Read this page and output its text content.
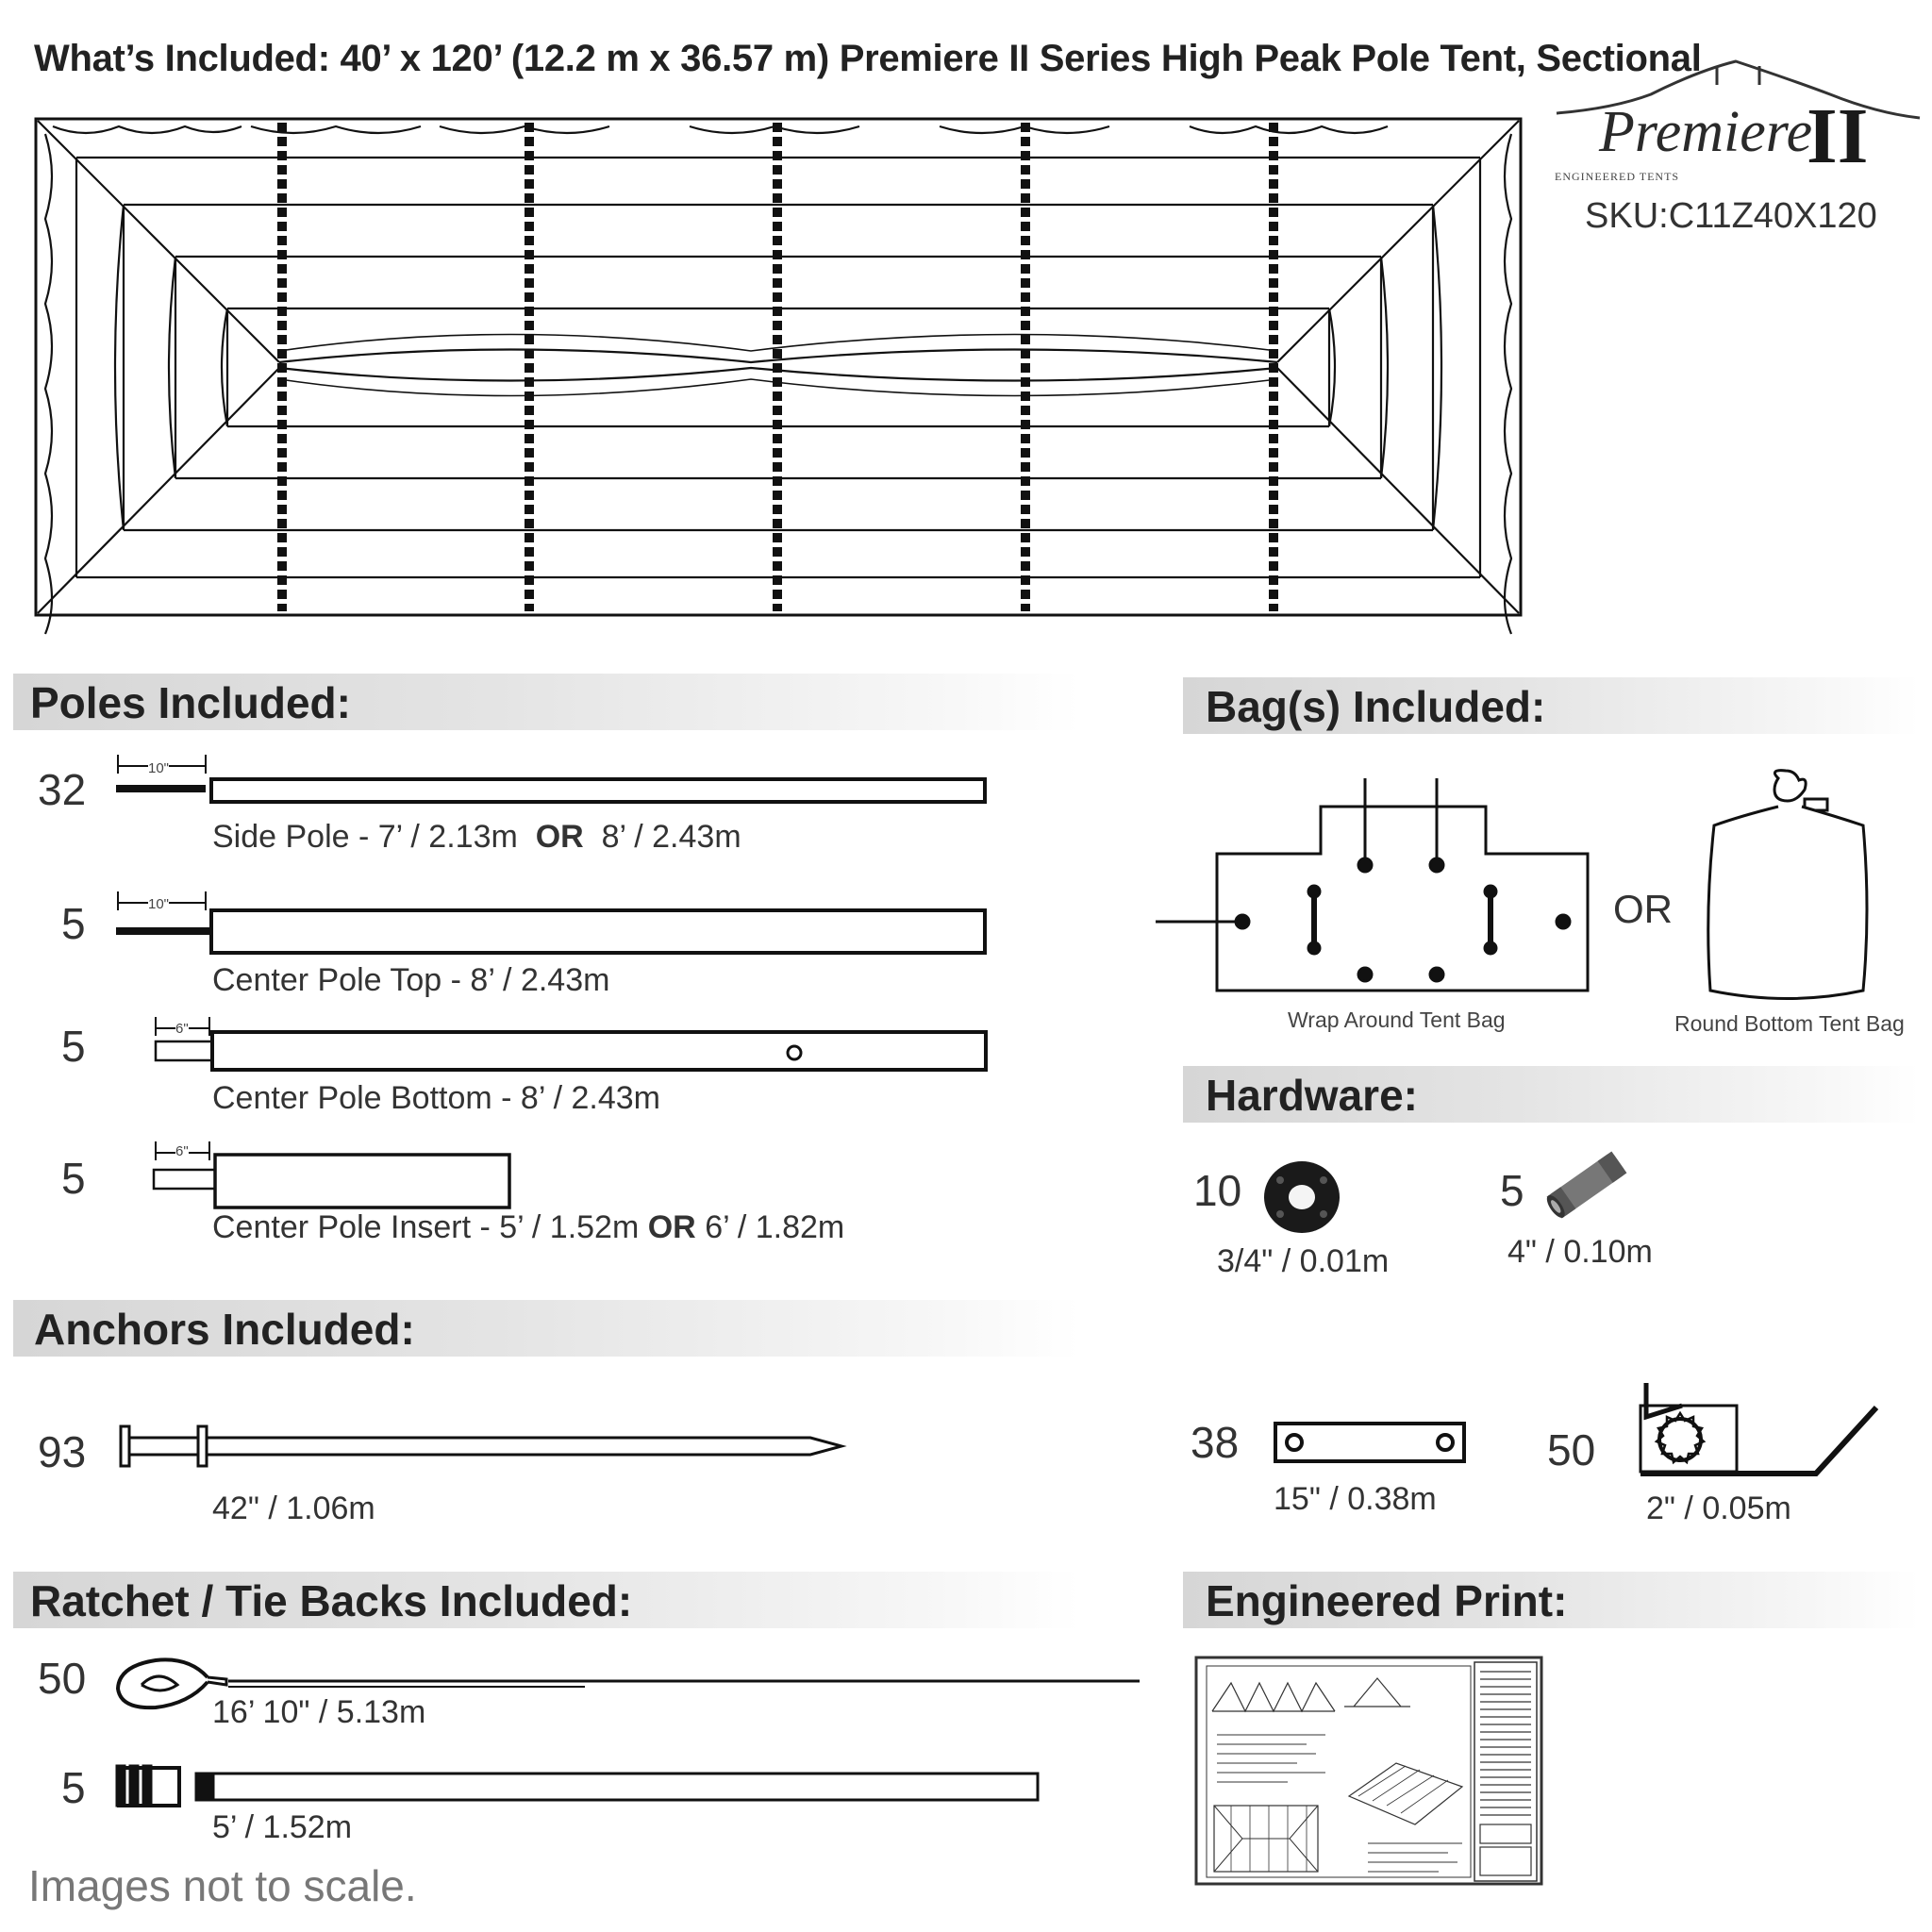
What’s Included: 40’ x 120’ (12.2 m x 36.57 m) Premiere II Series High Peak Pole Tent, Sectional
Premiere
II
ENGINEERED TENTS
SKU:C11Z40X120
Poles Included:
32	10"
Side Pole - 7’ / 2.13m OR 8’ / 2.43m
5	10"
Center Pole Top - 8’ / 2.43m
5	6"
Center Pole Bottom - 8’ / 2.43m
5
6"
Center Pole Insert - 5’ / 1.52m OR 6’ / 1.82m
Bag(s) Included:
Wrap Around Tent Bag
OR
Round Bottom Tent Bag
Hardware:
10
3/4" / 0.01m
5
4" / 0.10m
38
15" / 0.38m
50
2" / 0.05m
Anchors Included:
93
42" / 1.06m
Ratchet / Tie Backs Included:
50
16’ 10" / 5.13m
5
5’ / 1.52m
Images not to scale.
Engineered Print:
